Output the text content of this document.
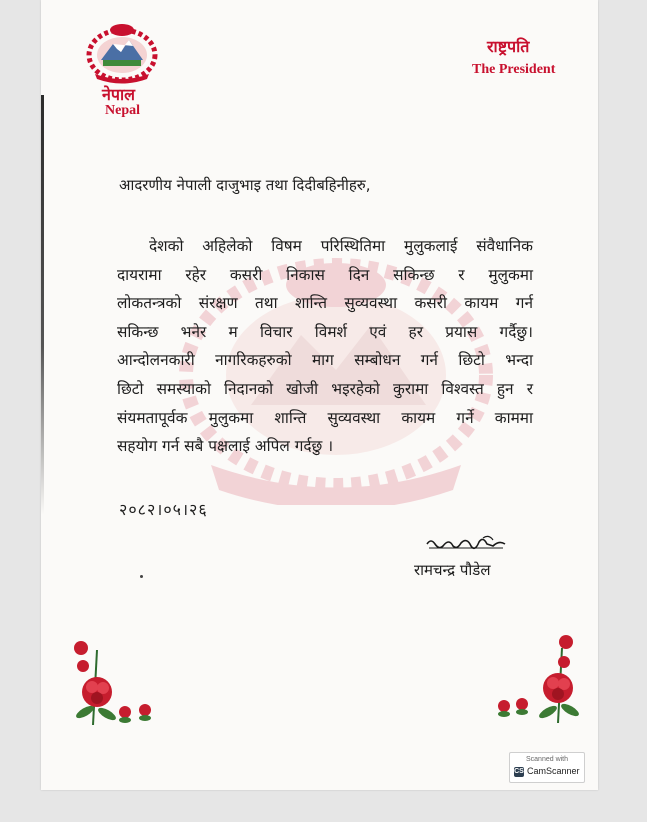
नेपाल
Nepal
राष्ट्रपति
The President
आदरणीय नेपाली दाजुभाइ तथा दिदीबहिनीहरु,
देशको अहिलेको विषम परिस्थितिमा मुलुकलाई संवैधानिक
दायरामा रहेर कसरी निकास दिन सकिन्छ र मुलुकमा
लोकतन्त्रको संरक्षण तथा शान्ति सुव्यवस्था कसरी कायम गर्न
सकिन्छ भनेर म विचार विमर्श एवं हर प्रयास गर्दैछु।
आन्दोलनकारी नागरिकहरुको माग सम्बोधन गर्न छिटो भन्दा
छिटो समस्याको निदानको खोजी भइरहेको कुरामा विश्वस्त हुन र
संयमतापूर्वक मुलुकमा शान्ति सुव्यवस्था कायम गर्ने काममा
सहयोग गर्न सबै पक्षलाई अपिल गर्दछु ।
२०८२।०५।२६
रामचन्द्र पौडेल
Scanned with
CS CamScanner
